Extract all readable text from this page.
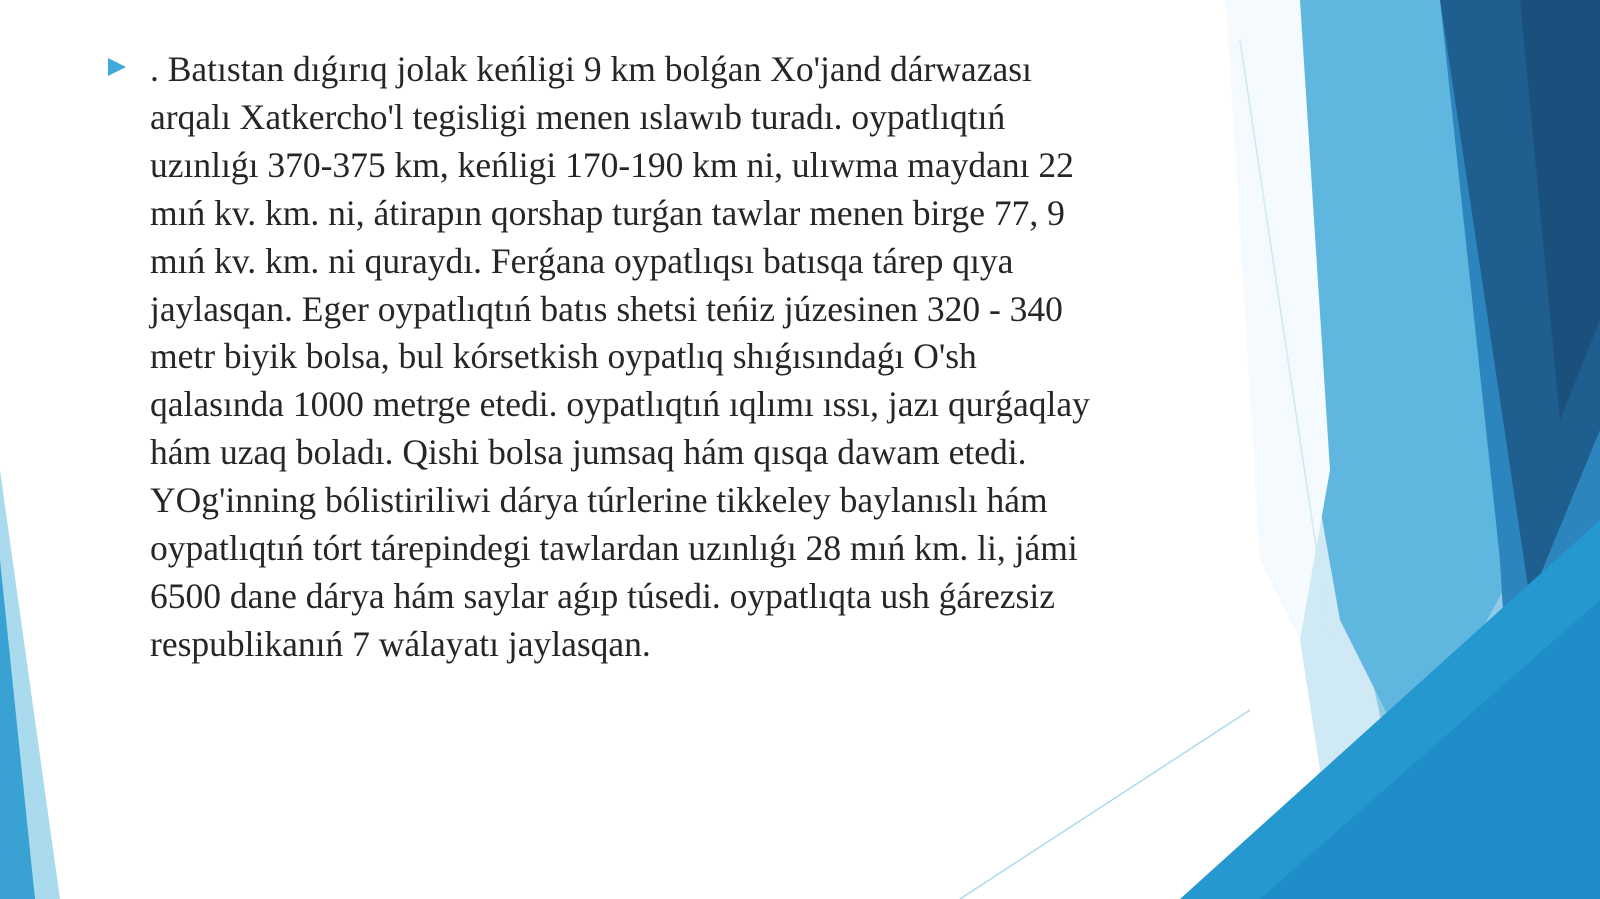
. Batıstan dıǵırıq jolak keńligi 9 km bolǵan Xo'jand dárwazası
arqalı Xatkercho'l tegisligi menen ıslawıb turadı. oypatlıqtıń
uzınlıǵı 370-375 km, keńligi 170-190 km ni, ulıwma maydanı 22
mıń kv. km. ni, átirapın qorshap turǵan tawlar menen birge 77, 9
mıń kv. km. ni quraydı. Ferǵana oypatlıqsı batısqa tárep qıya
jaylasqan. Eger oypatlıqtıń batıs shetsi teńiz júzesinen 320 - 340
metr biyik bolsa, bul kórsetkish oypatlıq shıǵısındaǵı O'sh
qalasında 1000 metrge etedi. oypatlıqtıń ıqlımı ıssı, jazı qurǵaqlay
hám uzaq boladı. Qishi bolsa jumsaq hám qısqa dawam etedi.
YOg'inning bólistiriliwi dárya túrlerine tikkeley baylanıslı hám
oypatlıqtıń tórt tárepindegi tawlardan uzınlıǵı 28 mıń km. li, jámi
6500 dane dárya hám saylar aǵıp túsedi. oypatlıqta ush ǵárezsiz
respublikanıń 7 wálayatı jaylasqan.
